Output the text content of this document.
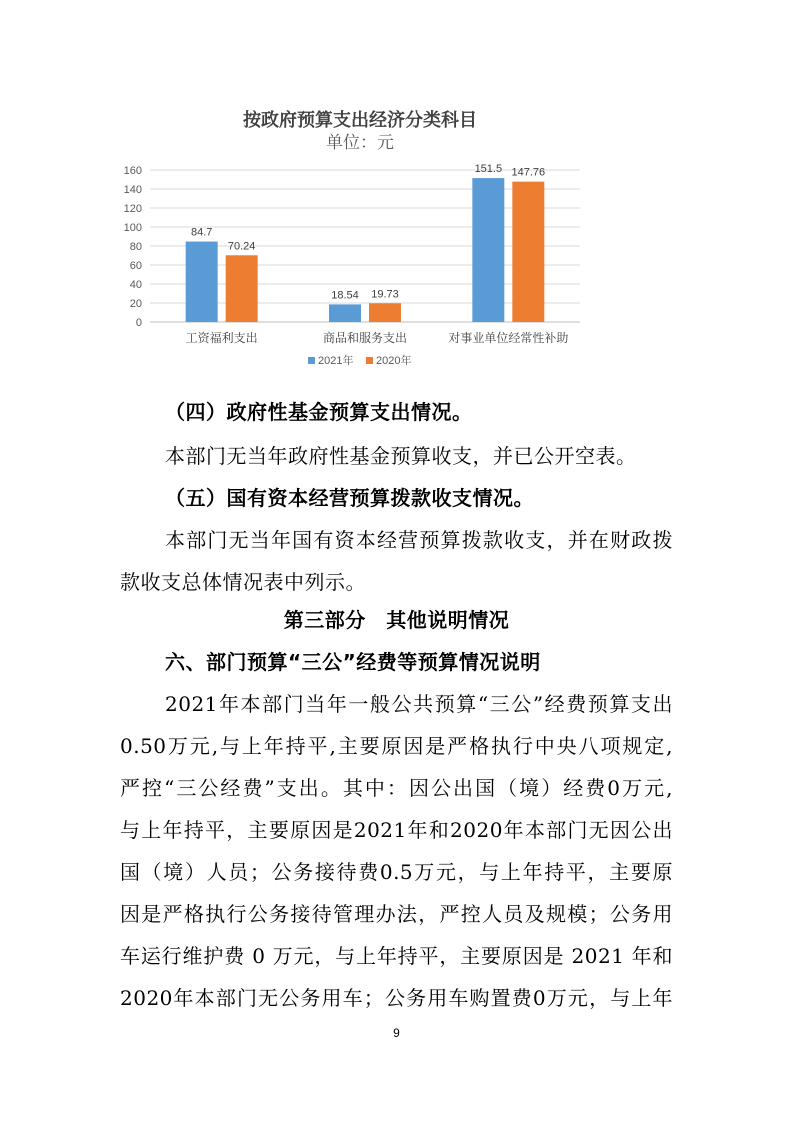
按政府预算支出经济分类科目
单位：元
0
20
40
60
80
100
120
140
160
84.7
70.24
工资福利支出
18.54 19.73
商品和服务支出
151.5 147.76
对事业单位经常性补助
2021年 2020年
（四）政府性基金预算支出情况。
本部门无当年政府性基金预算收支，并已公开空表。
（五）国有资本经营预算拨款收支情况。
本部门无当年国有资本经营预算拨款收支，并在财政拨
款收支总体情况表中列示。
第三部分　其他说明情况
六、部门预算“三公”经费等预算情况说明
2021年本部门当年一般公共预算“三公”经费预算支出
0.50万元,与上年持平,主要原因是严格执行中央八项规定,
严控“三公经费”支出。其中：因公出国（境）经费0万元,
与上年持平，主要原因是2021年和2020年本部门无因公出
国（境）人员；公务接待费0.5万元，与上年持平，主要原
因是严格执行公务接待管理办法，严控人员及规模；公务用
车运行维护费 0 万元，与上年持平，主要原因是 2021 年和
2020年本部门无公务用车；公务用车购置费0万元，与上年
9
